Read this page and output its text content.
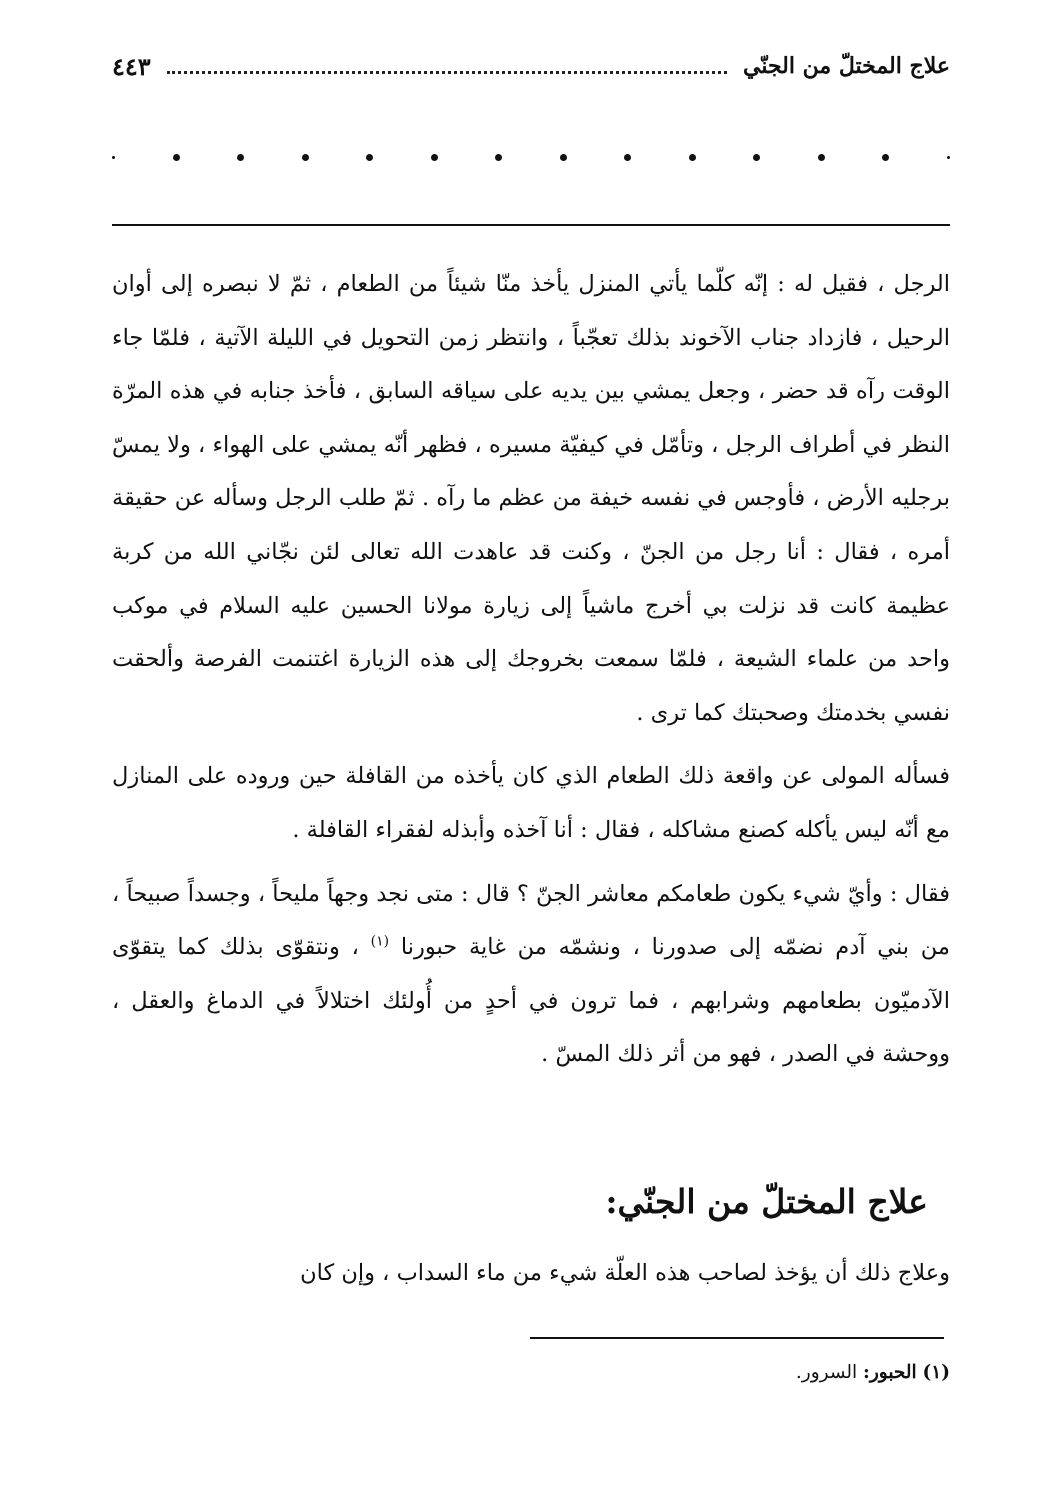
علاج المختلّ من الجنّي
٤٤٣

الرجل ، فقيل له : إنّه كلّما يأتي المنزل يأخذ منّا شيئاً من الطعام ، ثمّ لا نبصره إلى أوان الرحيل ، فازداد جناب الآخوند بذلك تعجّباً ، وانتظر زمن التحويل في الليلة الآتية ، فلمّا جاء الوقت رآه قد حضر ، وجعل يمشي بين يديه على سياقه السابق ، فأخذ جنابه في هذه المرّة النظر في أطراف الرجل ، وتأمّل في كيفيّة مسيره ، فظهر أنّه يمشي على الهواء ، ولا يمسّ برجليه الأرض ، فأوجس في نفسه خيفة من عظم ما رآه . ثمّ طلب الرجل وسأله عن حقيقة أمره ، فقال : أنا رجل من الجنّ ، وكنت قد عاهدت الله تعالى لئن نجّاني الله من كربة عظيمة كانت قد نزلت بي أخرج ماشياً إلى زيارة مولانا الحسين عليه السلام في موكب واحد من علماء الشيعة ، فلمّا سمعت بخروجك إلى هذه الزيارة اغتنمت الفرصة وألحقت نفسي بخدمتك وصحبتك كما ترى .

فسأله المولى عن واقعة ذلك الطعام الذي كان يأخذه من القافلة حين وروده على المنازل مع أنّه ليس يأكله كصنع مشاكله ، فقال : أنا آخذه وأبذله لفقراء القافلة .

فقال : وأيّ شيء يكون طعامكم معاشر الجنّ ؟ قال : متى نجد وجهاً مليحاً ، وجسداً صبيحاً ، من بني آدم نضمّه إلى صدورنا ، ونشمّه من غاية حبورنا $^{(١)}$ ، ونتقوّى بذلك كما يتقوّى الآدميّون بطعامهم وشرابهم ، فما ترون في أحدٍ من أُولئك اختلالاً في الدماغ والعقل ، ووحشة في الصدر ، فهو من أثر ذلك المسّ .

علاج المختلّ من الجنّي:

وعلاج ذلك أن يؤخذ لصاحب هذه العلّة شيء من ماء السداب ، وإن كان

(١) الحبور: السرور.
